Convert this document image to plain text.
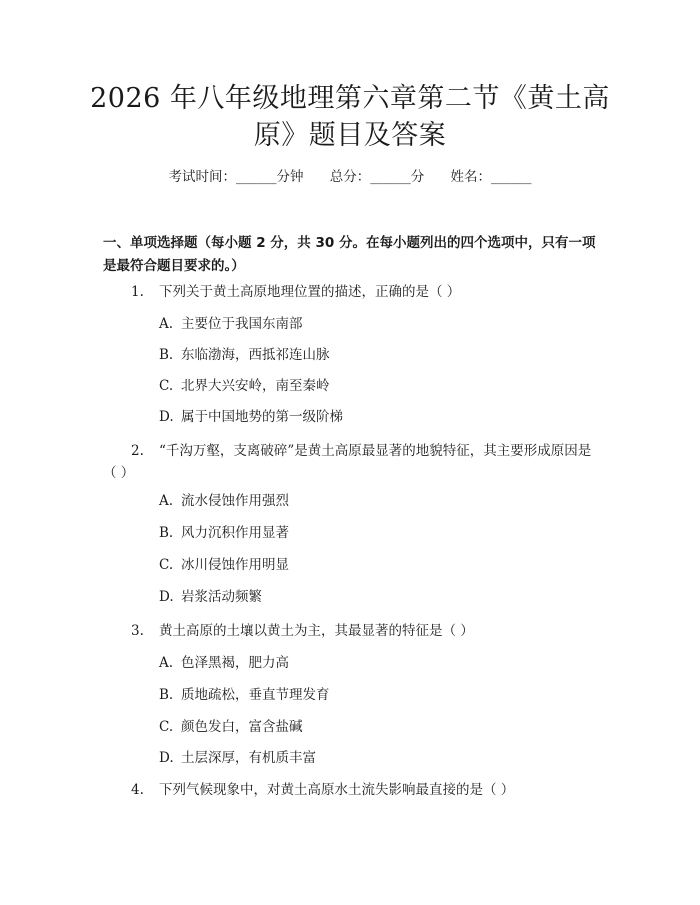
2026 年八年级地理第六章第二节《黄土高原》题目及答案
考试时间：______分钟 总分：______分 姓名：______

一、单项选择题（每小题 2 分，共 30 分。在每小题列出的四个选项中，只有一项是最符合题目要求的。）

1. 下列关于黄土高原地理位置的描述，正确的是（ ）
A. 主要位于我国东南部
B. 东临渤海，西抵祁连山脉
C. 北界大兴安岭，南至秦岭
D. 属于中国地势的第一级阶梯
2. “千沟万壑，支离破碎”是黄土高原最显著的地貌特征，其主要形成原因是（ ）
A. 流水侵蚀作用强烈
B. 风力沉积作用显著
C. 冰川侵蚀作用明显
D. 岩浆活动频繁
3. 黄土高原的土壤以黄土为主，其最显著的特征是（ ）
A. 色泽黑褐，肥力高
B. 质地疏松，垂直节理发育
C. 颜色发白，富含盐碱
D. 土层深厚，有机质丰富
4. 下列气候现象中，对黄土高原水土流失影响最直接的是（ ）
